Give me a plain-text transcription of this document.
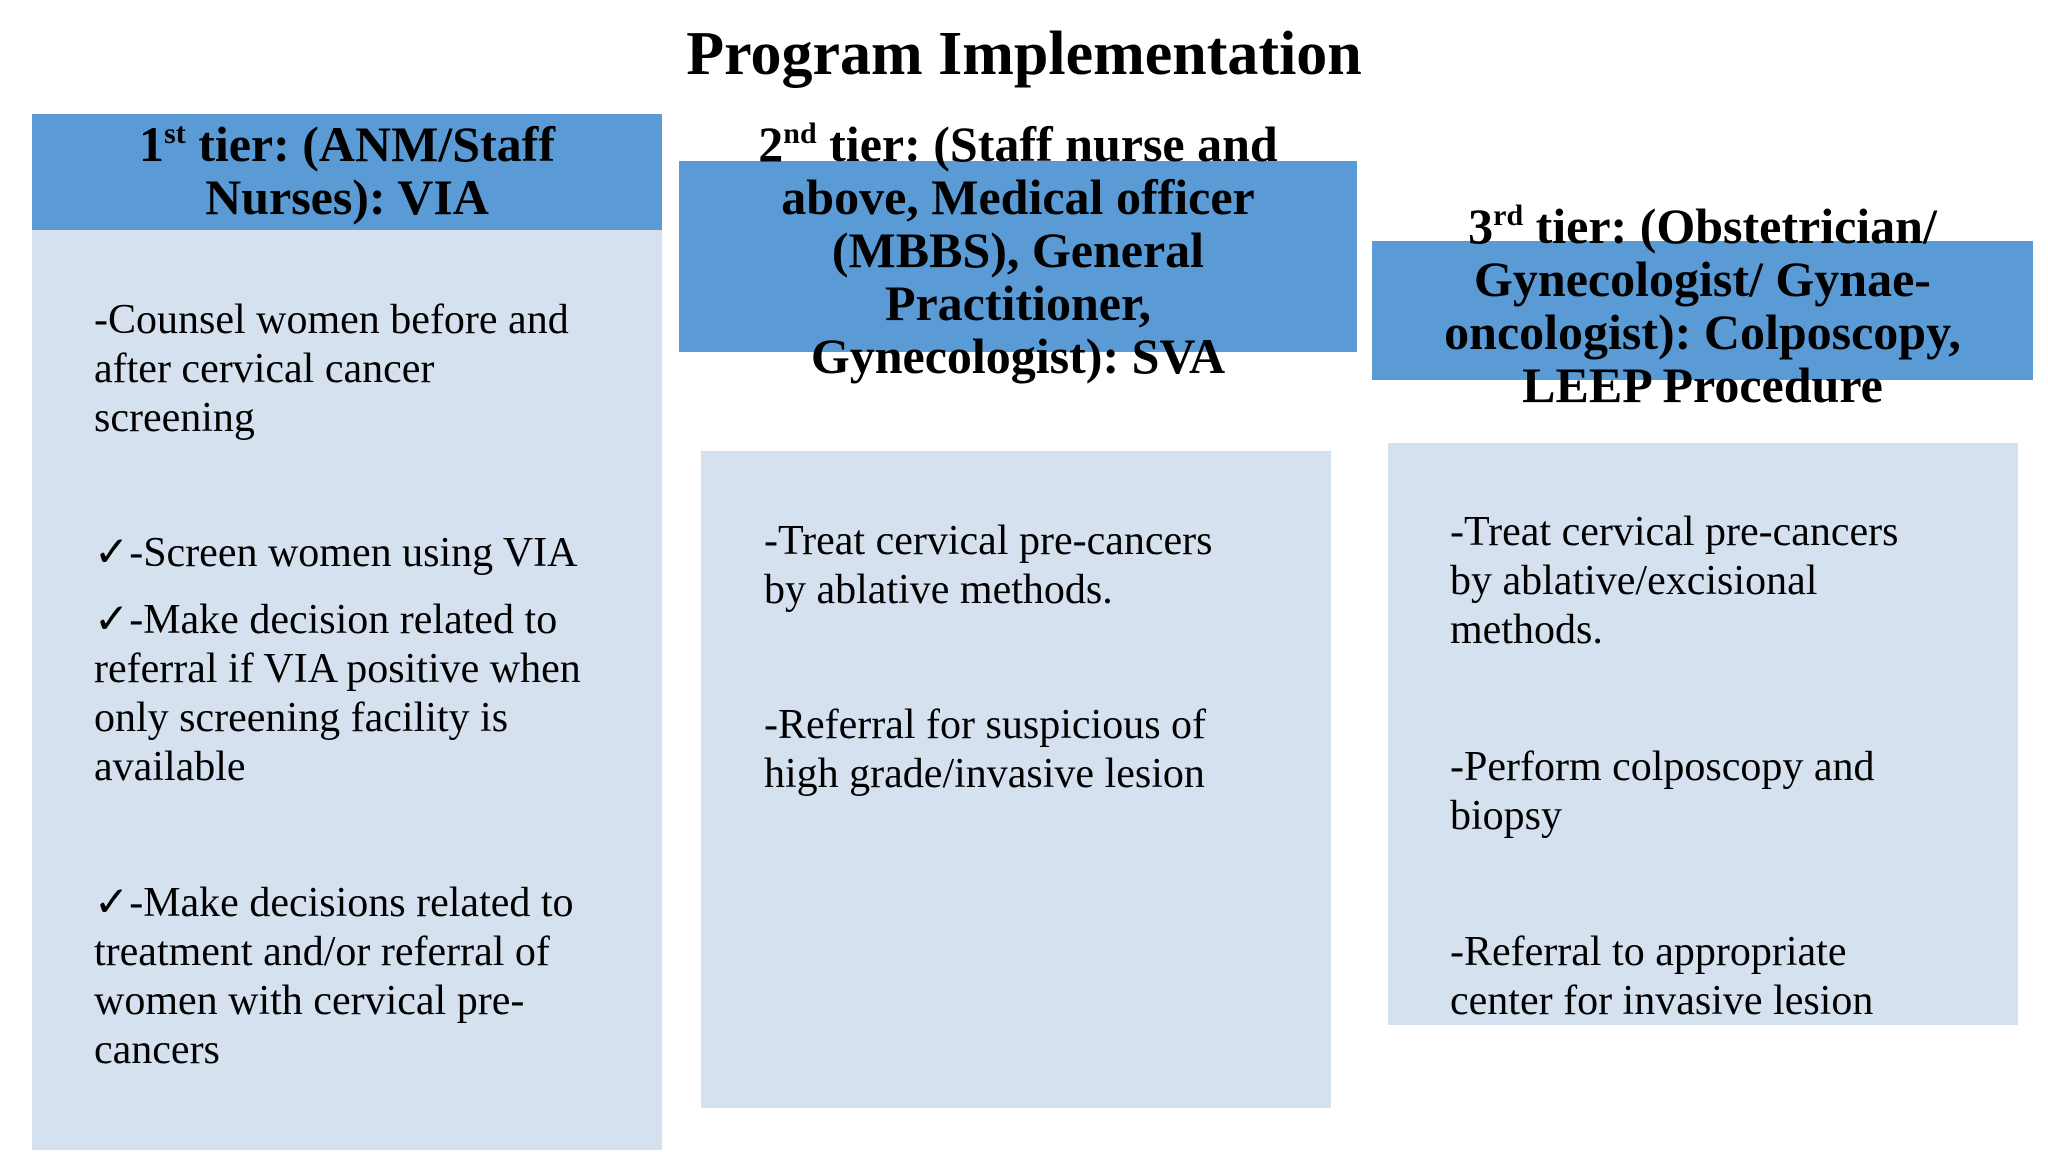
Program Implementation
1st tier: (ANM/Staff
Nurses): VIA
-Counsel women before and
after cervical cancer
screening
✓-Screen women using VIA
✓-Make decision related to
referral if VIA positive when
only screening facility is
available
✓-Make decisions related to
treatment and/or referral of
women with cervical pre-
cancers
2nd tier: (Staff nurse and
above, Medical officer
(MBBS), General
Practitioner,
Gynecologist): SVA
-Treat cervical pre-cancers
by ablative methods.
-Referral for suspicious of
high grade/invasive lesion
3rd tier: (Obstetrician/
Gynecologist/ Gynae-
oncologist): Colposcopy,
LEEP Procedure
-Treat cervical pre-cancers
by ablative/excisional
methods.
-Perform colposcopy and
biopsy
-Referral to appropriate
center for invasive lesion
